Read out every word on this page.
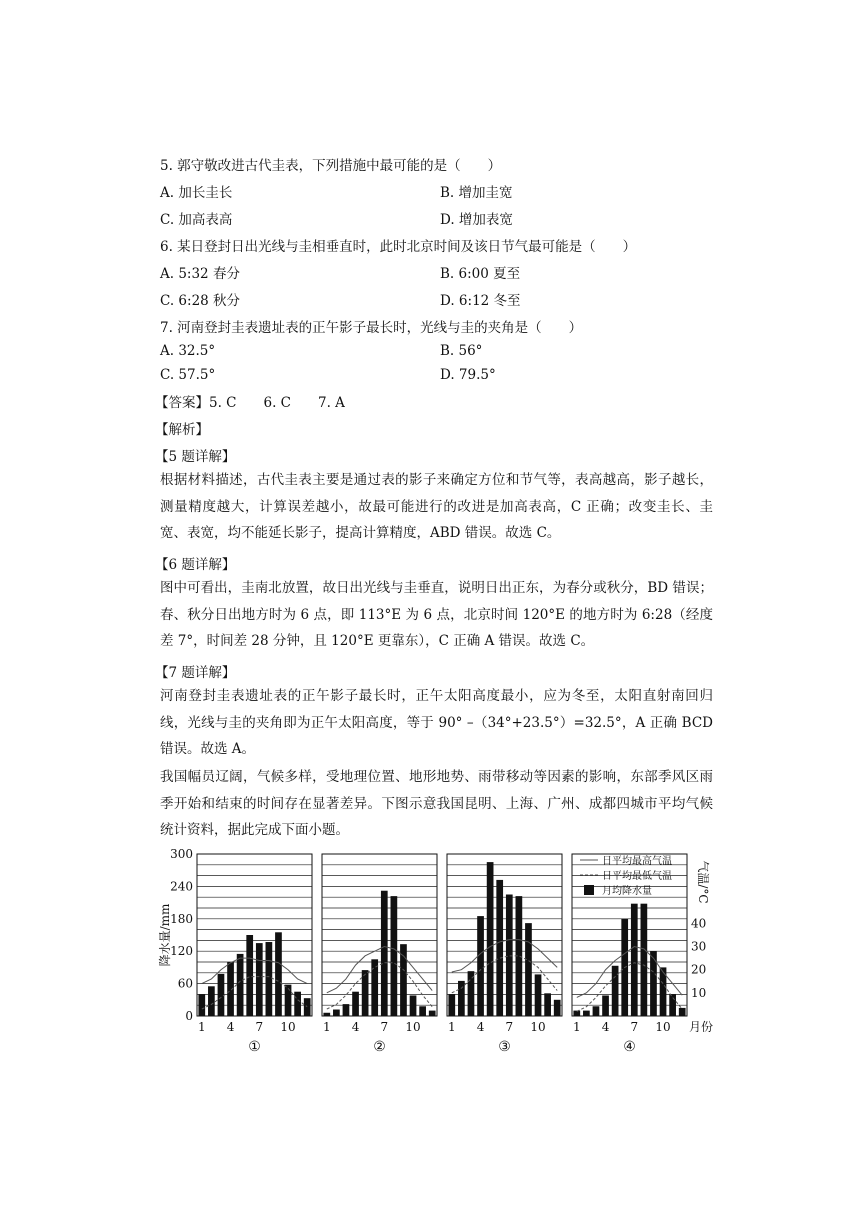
5. 郭守敬改进古代圭表，下列措施中最可能的是（　　）
A. 加长圭长	B. 增加圭宽
C. 加高表高	D. 增加表宽
6. 某日登封日出光线与圭相垂直时，此时北京时间及该日节气最可能是（　　）
A. 5:32 春分	B. 6:00 夏至
C. 6:28 秋分	D. 6:12 冬至
7. 河南登封圭表遗址表的正午影子最长时，光线与圭的夹角是（　　）
A. 32.5°	B. 56°
C. 57.5°	D. 79.5°
【答案】5. C　　6. C　　7. A
【解析】
【5 题详解】
根据材料描述，古代圭表主要是通过表的影子来确定方位和节气等，表高越高，影子越长，测量精度越大，计算误差越小，故最可能进行的改进是加高表高，C 正确；改变圭长、圭宽、表宽，均不能延长影子，提高计算精度，ABD 错误。故选 C。
【6 题详解】
图中可看出，圭南北放置，故日出光线与圭垂直，说明日出正东，为春分或秋分，BD 错误；春、秋分日出地方时为 6 点，即 113°E 为 6 点，北京时间 120°E 的地方时为 6:28（经度差 7°，时间差 28 分钟，且 120°E 更靠东），C 正确 A 错误。故选 C。
【7 题详解】
河南登封圭表遗址表的正午影子最长时，正午太阳高度最小，应为冬至，太阳直射南回归线，光线与圭的夹角即为正午太阳高度，等于 90° –（34°+23.5°）=32.5°，A 正确 BCD 错误。故选 A。
我国幅员辽阔，气候多样，受地理位置、地形地势、雨带移动等因素的影响，东部季风区雨季开始和结束的时间存在显著差异。下图示意我国昆明、上海、广州、成都四城市平均气候统计资料，据此完成下面小题。
0
60
120
180
240
300
降水量/mm
1 4 7 10
①
1 4 7 10
②
1 4 7 10
③
1 4 7 10
④
10
20
30
40
气温/°C
月份
日平均最高气温
日平均最低气温
月均降水量
